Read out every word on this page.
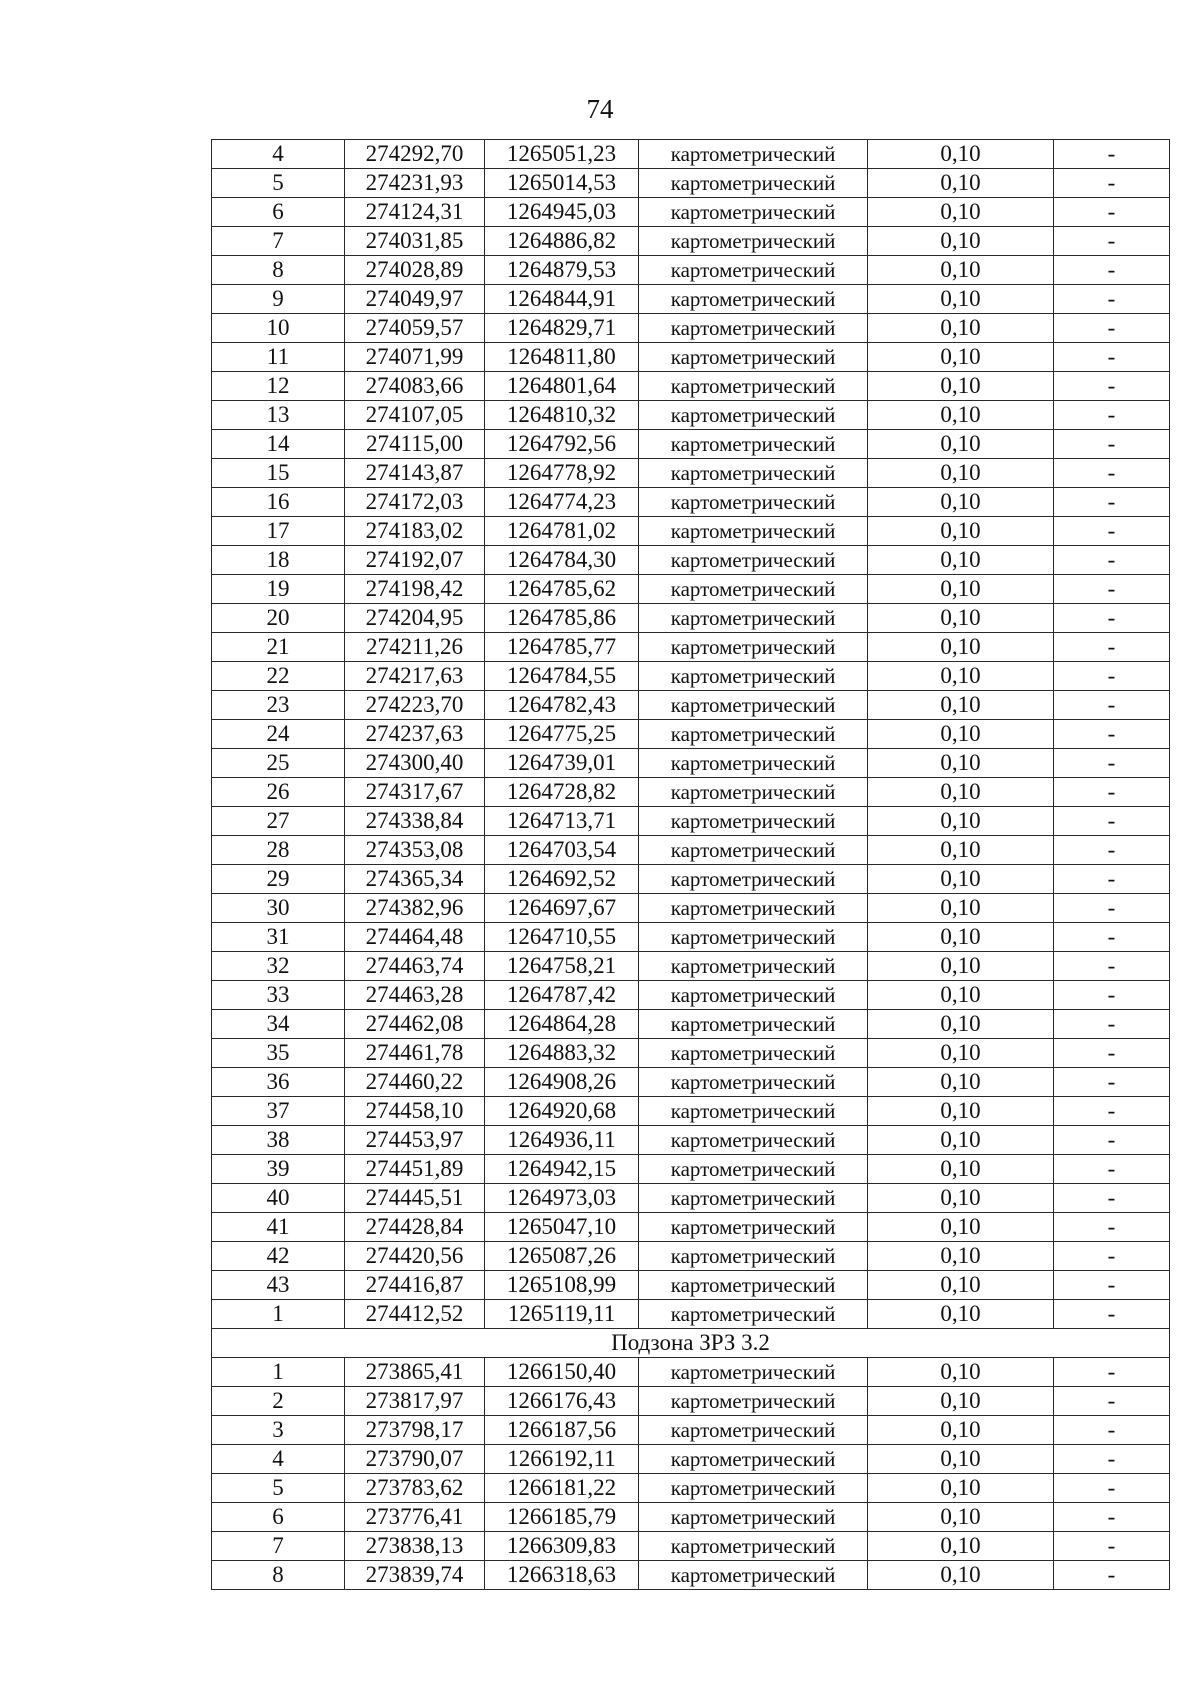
74
4	274292,70	1265051,23	картометрический	0,10	-
5	274231,93	1265014,53	картометрический	0,10	-
6	274124,31	1264945,03	картометрический	0,10	-
7	274031,85	1264886,82	картометрический	0,10	-
8	274028,89	1264879,53	картометрический	0,10	-
9	274049,97	1264844,91	картометрический	0,10	-
10	274059,57	1264829,71	картометрический	0,10	-
11	274071,99	1264811,80	картометрический	0,10	-
12	274083,66	1264801,64	картометрический	0,10	-
13	274107,05	1264810,32	картометрический	0,10	-
14	274115,00	1264792,56	картометрический	0,10	-
15	274143,87	1264778,92	картометрический	0,10	-
16	274172,03	1264774,23	картометрический	0,10	-
17	274183,02	1264781,02	картометрический	0,10	-
18	274192,07	1264784,30	картометрический	0,10	-
19	274198,42	1264785,62	картометрический	0,10	-
20	274204,95	1264785,86	картометрический	0,10	-
21	274211,26	1264785,77	картометрический	0,10	-
22	274217,63	1264784,55	картометрический	0,10	-
23	274223,70	1264782,43	картометрический	0,10	-
24	274237,63	1264775,25	картометрический	0,10	-
25	274300,40	1264739,01	картометрический	0,10	-
26	274317,67	1264728,82	картометрический	0,10	-
27	274338,84	1264713,71	картометрический	0,10	-
28	274353,08	1264703,54	картометрический	0,10	-
29	274365,34	1264692,52	картометрический	0,10	-
30	274382,96	1264697,67	картометрический	0,10	-
31	274464,48	1264710,55	картометрический	0,10	-
32	274463,74	1264758,21	картометрический	0,10	-
33	274463,28	1264787,42	картометрический	0,10	-
34	274462,08	1264864,28	картометрический	0,10	-
35	274461,78	1264883,32	картометрический	0,10	-
36	274460,22	1264908,26	картометрический	0,10	-
37	274458,10	1264920,68	картометрический	0,10	-
38	274453,97	1264936,11	картометрический	0,10	-
39	274451,89	1264942,15	картометрический	0,10	-
40	274445,51	1264973,03	картометрический	0,10	-
41	274428,84	1265047,10	картометрический	0,10	-
42	274420,56	1265087,26	картометрический	0,10	-
43	274416,87	1265108,99	картометрический	0,10	-
1	274412,52	1265119,11	картометрический	0,10	-
Подзона ЗРЗ 3.2					
1	273865,41	1266150,40	картометрический	0,10	-
2	273817,97	1266176,43	картометрический	0,10	-
3	273798,17	1266187,56	картометрический	0,10	-
4	273790,07	1266192,11	картометрический	0,10	-
5	273783,62	1266181,22	картометрический	0,10	-
6	273776,41	1266185,79	картометрический	0,10	-
7	273838,13	1266309,83	картометрический	0,10	-
8	273839,74	1266318,63	картометрический	0,10	-
